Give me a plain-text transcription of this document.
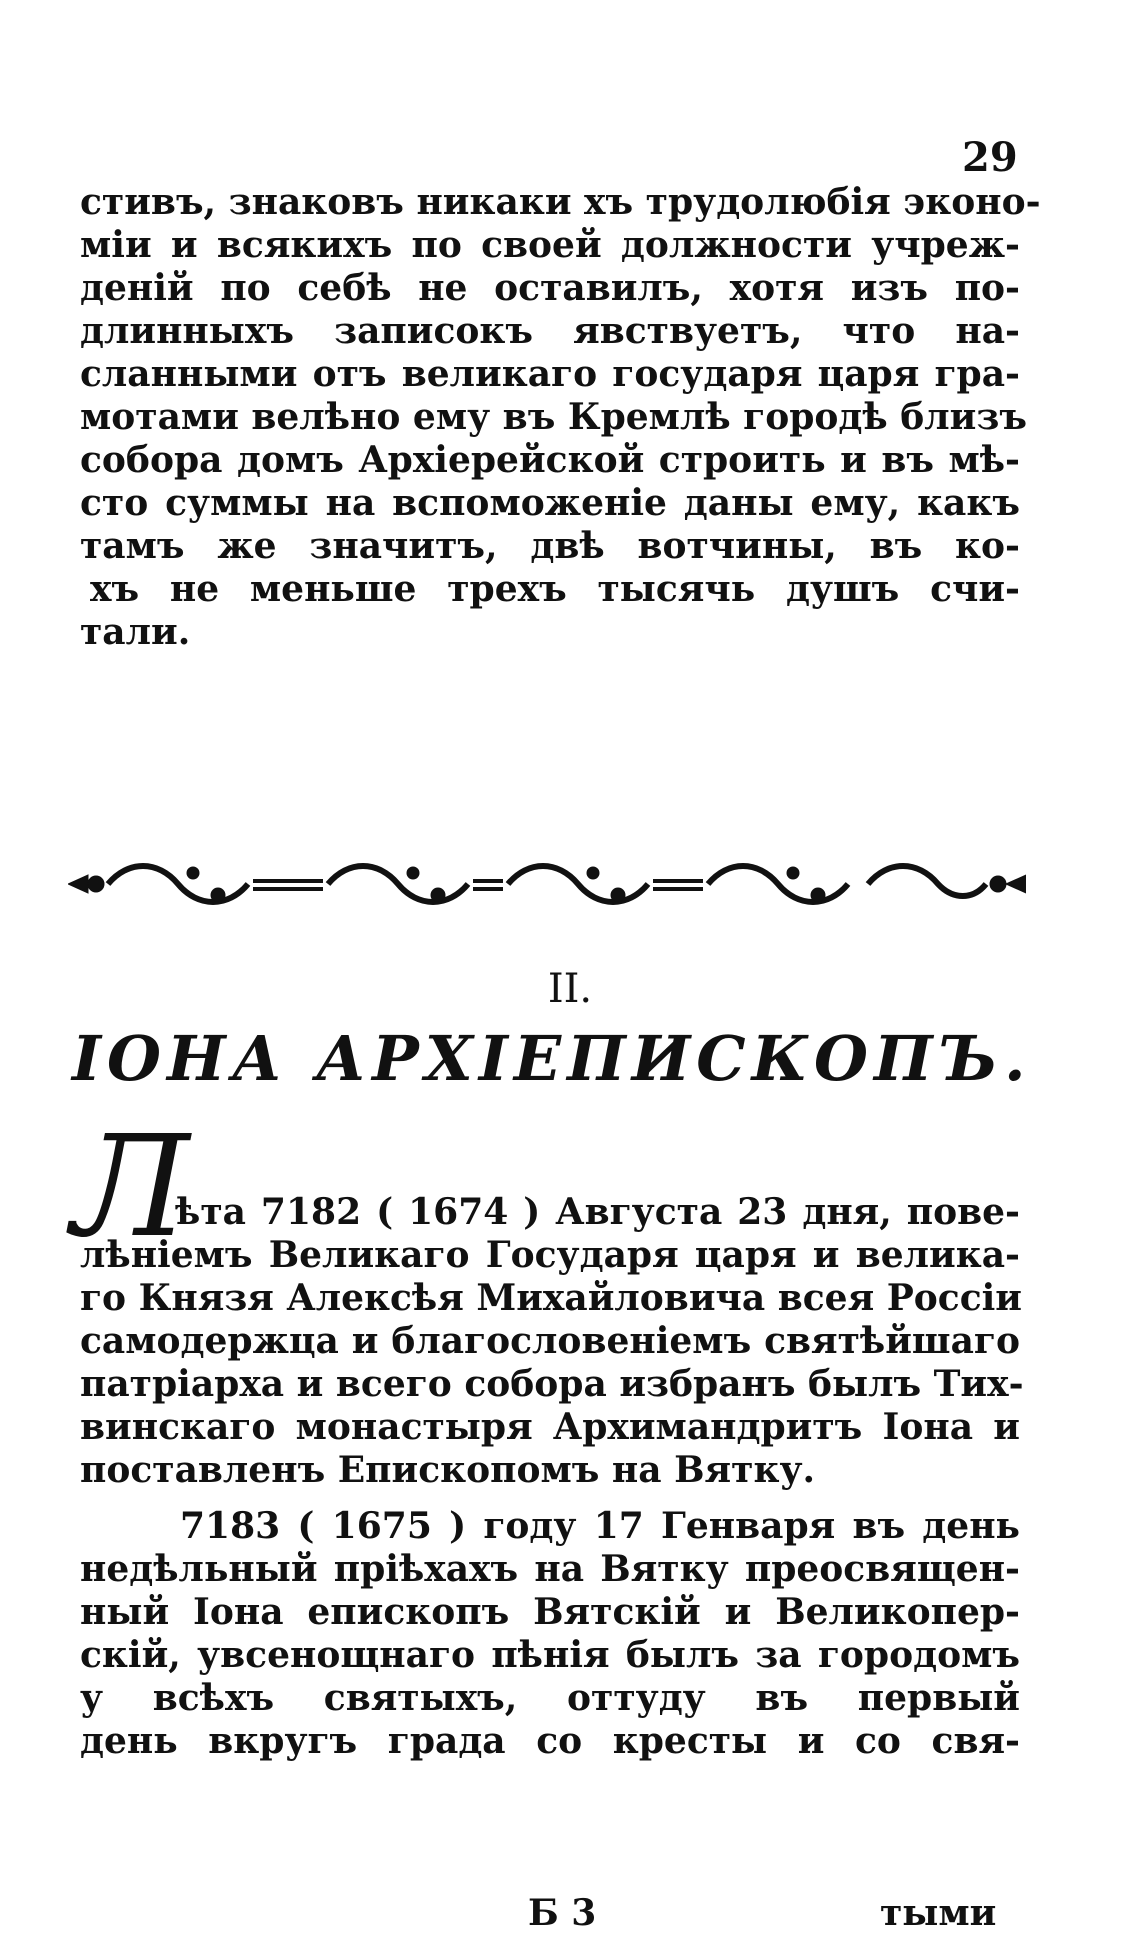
29
стивъ, знаковъ никаки хъ трудолюбія эконо-
міи и всякихъ по своей должности учреж-
деній по себѣ не оставилъ, хотя изъ по-
длинныхъ записокъ явствуетъ, что на-
сланными отъ великаго государя царя гра-
мотами велѣно ему въ Кремлѣ городѣ близъ
собора домъ Архіерейской строить и въ мѣ-
сто суммы на вспоможеніе даны ему, какъ
тамъ же значитъ, двѣ вотчины, въ ко-
хъ не меньше трехъ тысячь душъ счи-
тали.
II.
ІОНА АРХІЕПИСКОПЪ.
Л
ѣта 7182 ( 1674 ) Августа 23 дня, пове-
лѣніемъ Великаго Государя царя и велика-
го Князя Алексѣя Михайловича всея Россіи
самодержца и благословеніемъ святѣйшаго
патріарха и всего собора избранъ былъ Тих-
винскаго монастыря Архимандритъ Іона и
поставленъ Епископомъ на Вятку.
7183 ( 1675 ) году 17 Генваря въ день
недѣльный пріѣхахъ на Вятку преосвящен-
ный Іона епископъ Вятскій и Великопер-
скій, увсенощнаго пѣнія былъ за городомъ
у всѣхъ святыхъ, оттуду въ первый
день вкругъ града со кресты и со свя-
Б 3	тыми
